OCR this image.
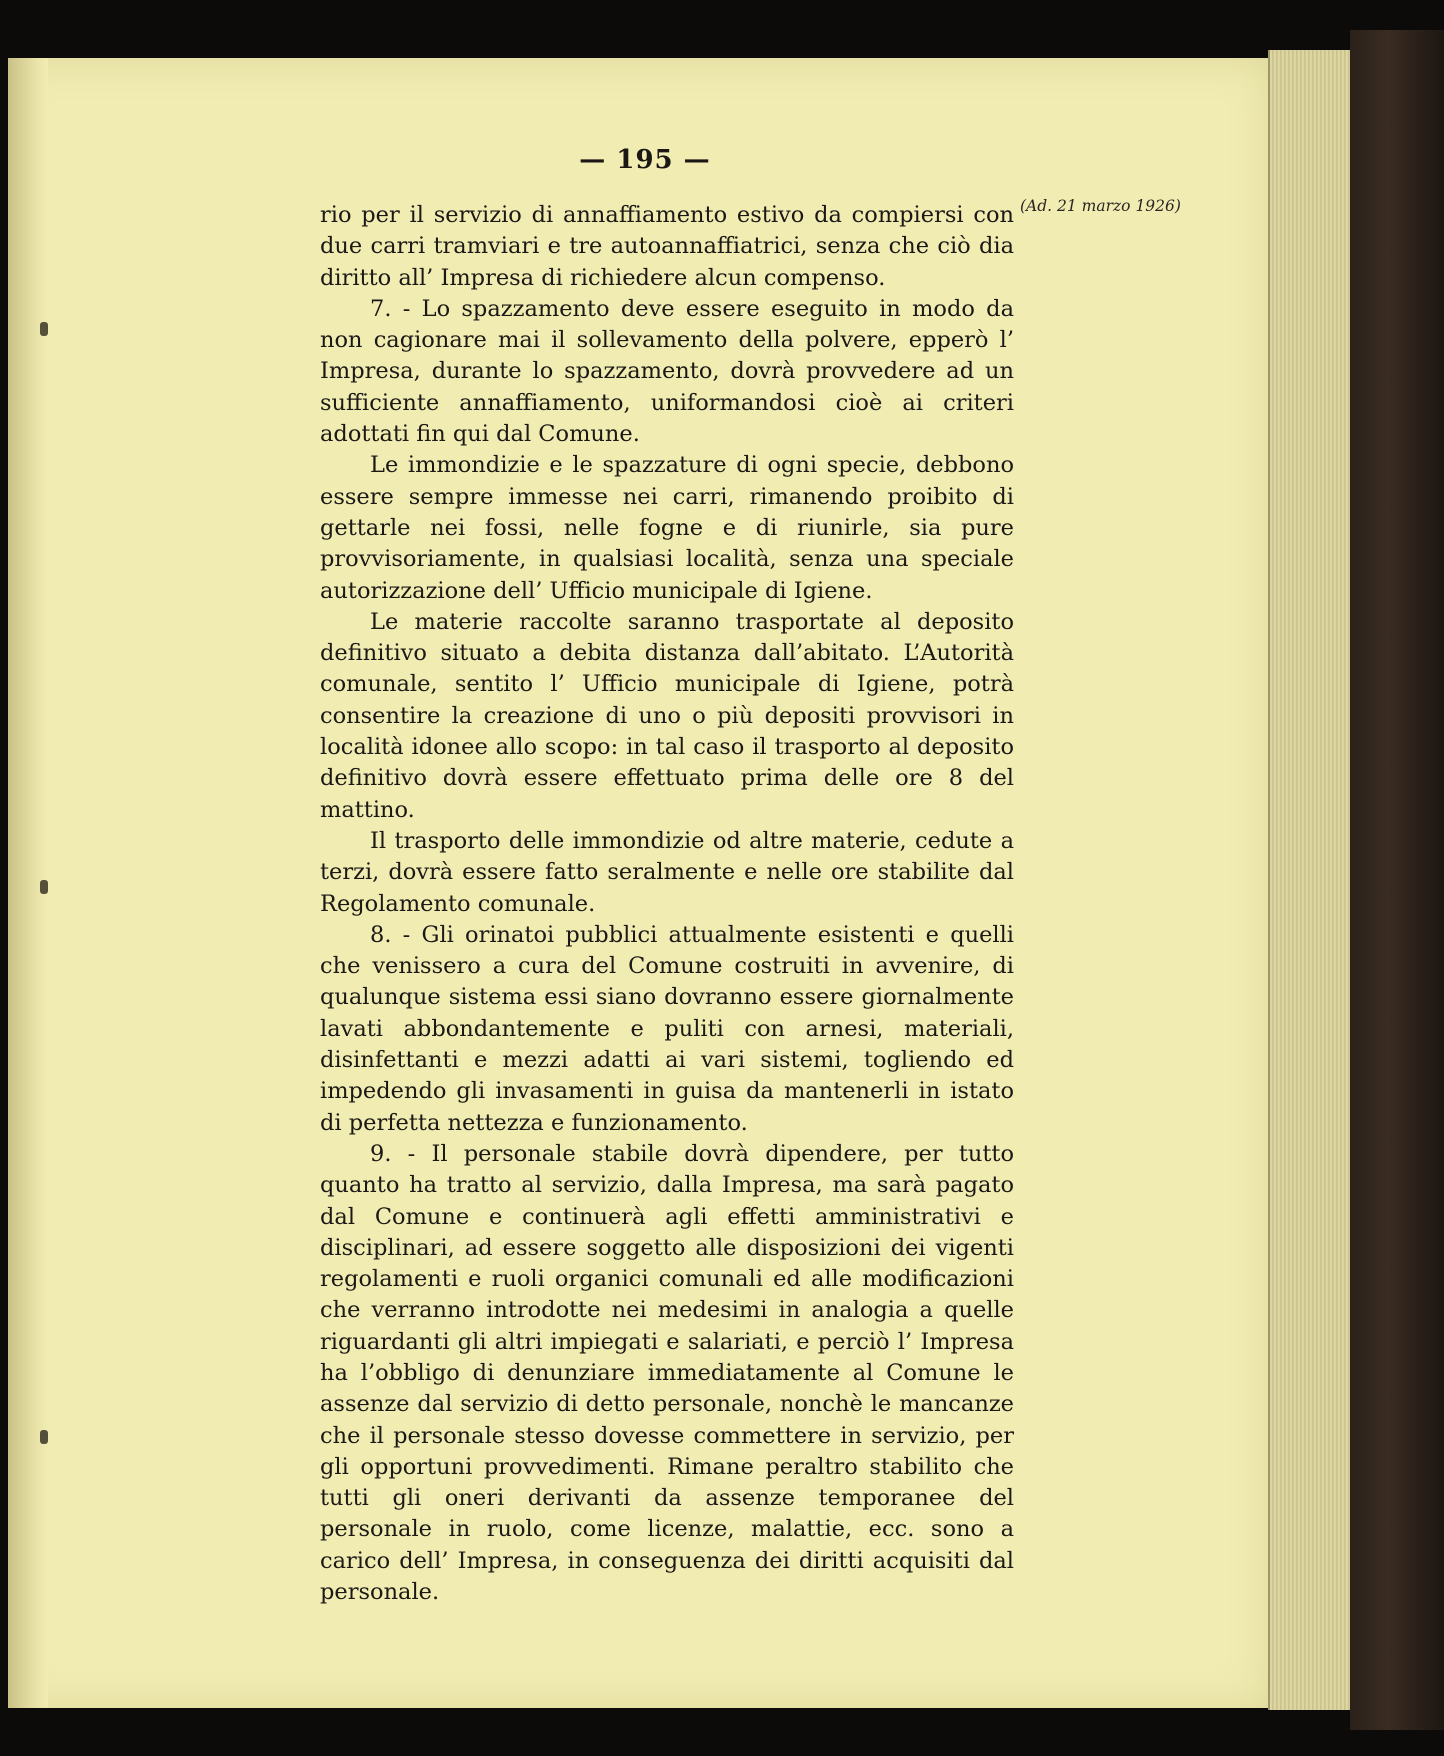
— 195 —
(Ad. 21 marzo 1926)

rio per il servizio di annaffiamento estivo da compiersi con due carri tramviari e tre autoannaffiatrici, senza che ciò dia diritto all’ Impresa di richiedere alcun compenso.

7. - Lo spazzamento deve essere eseguito in modo da non cagionare mai il sollevamento della polvere, epperò l’ Impresa, durante lo spazzamento, dovrà provvedere ad un sufficiente annaffiamento, uniformandosi cioè ai criteri adottati fin qui dal Comune.

Le immondizie e le spazzature di ogni specie, debbono essere sempre immesse nei carri, rimanendo proibito di gettarle nei fossi, nelle fogne e di riunirle, sia pure provvisoriamente, in qualsiasi località, senza una speciale autorizzazione dell’ Ufficio municipale di Igiene.

Le materie raccolte saranno trasportate al deposito definitivo situato a debita distanza dall’abitato. L’Autorità comunale, sentito l’ Ufficio municipale di Igiene, potrà consentire la creazione di uno o più depositi provvisori in località idonee allo scopo: in tal caso il trasporto al deposito definitivo dovrà essere effettuato prima delle ore 8 del mattino.

Il trasporto delle immondizie od altre materie, cedute a terzi, dovrà essere fatto seralmente e nelle ore stabilite dal Regolamento comunale.

8. - Gli orinatoi pubblici attualmente esistenti e quelli che venissero a cura del Comune costruiti in avvenire, di qualunque sistema essi siano dovranno essere giornalmente lavati abbondantemente e puliti con arnesi, materiali, disinfettanti e mezzi adatti ai vari sistemi, togliendo ed impedendo gli invasamenti in guisa da mantenerli in istato di perfetta nettezza e funzionamento.

9. - Il personale stabile dovrà dipendere, per tutto quanto ha tratto al servizio, dalla Impresa, ma sarà pagato dal Comune e continuerà agli effetti amministrativi e disciplinari, ad essere soggetto alle disposizioni dei vigenti regolamenti e ruoli organici comunali ed alle modificazioni che verranno introdotte nei medesimi in analogia a quelle riguardanti gli altri impiegati e salariati, e perciò l’ Impresa ha l’obbligo di denunziare immediatamente al Comune le assenze dal servizio di detto personale, nonchè le mancanze che il personale stesso dovesse commettere in servizio, per gli opportuni provvedimenti. Rimane peraltro stabilito che tutti gli oneri derivanti da assenze temporanee del personale in ruolo, come licenze, malattie, ecc. sono a carico dell’ Impresa, in conseguenza dei diritti acquisiti dal personale.
